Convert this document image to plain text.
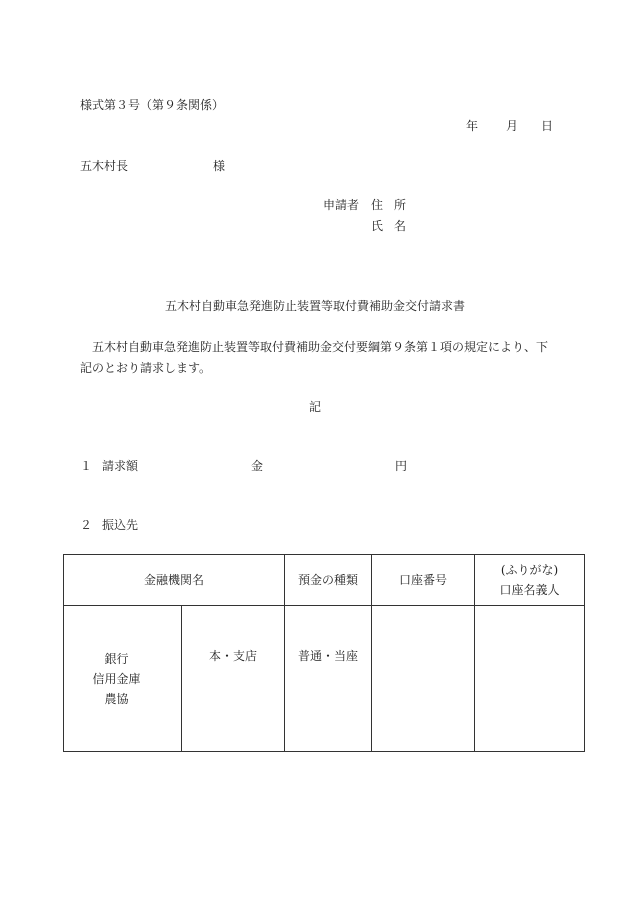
様式第３号（第９条関係）
年 月 日
五木村長	様
申請者 住所
氏名
五木村自動車急発進防止装置等取付費補助金交付請求書
五木村自動車急発進防止装置等取付費補助金交付要綱第９条第１項の規定により、下記のとおり請求します。
記
１ 請求額	金	円
２ 振込先
金融機関名		預金の種類	口座番号	(ふりがな)
口座名義人

銀行
信用金庫
農協	本・支店	普通・当座		
